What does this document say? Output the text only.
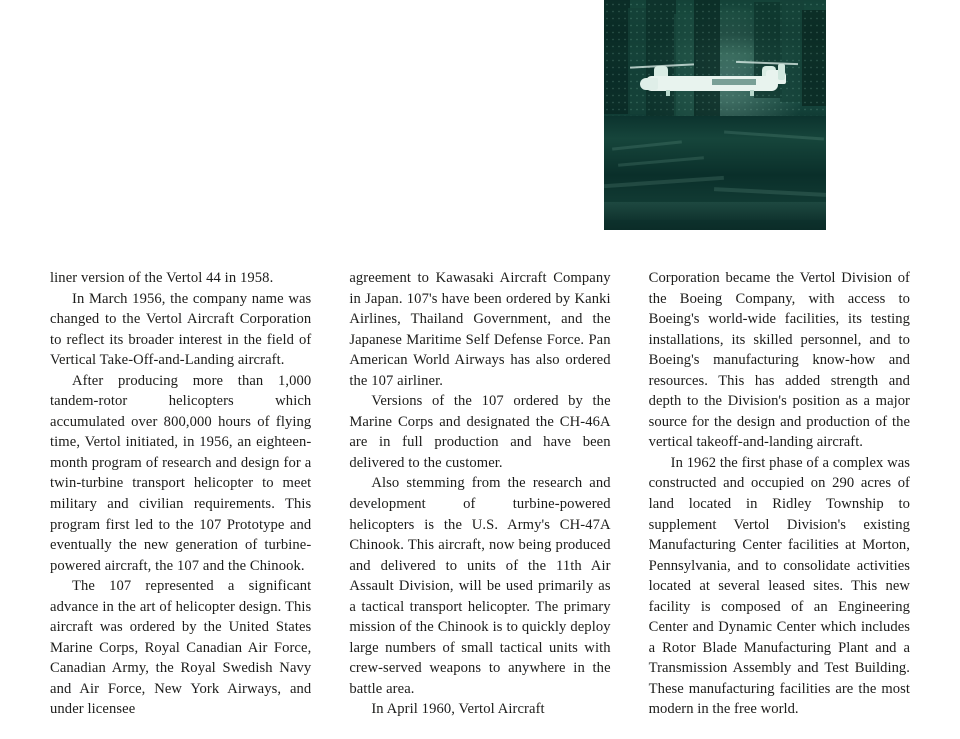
liner version of the Vertol 44 in 1958.

In March 1956, the company name was changed to the Vertol Aircraft Corporation to reflect its broader interest in the field of Vertical Take-Off-and-Landing aircraft.

After producing more than 1,000 tandem-rotor helicopters which accumulated over 800,000 hours of flying time, Vertol initiated, in 1956, an eighteen-month program of research and design for a twin-turbine transport helicopter to meet military and civilian requirements. This program first led to the 107 Prototype and eventually the new generation of turbine-powered aircraft, the 107 and the Chinook.

The 107 represented a significant advance in the art of helicopter design. This aircraft was ordered by the United States Marine Corps, Royal Canadian Air Force, Canadian Army, the Royal Swedish Navy and Air Force, New York Airways, and under licensee

agreement to Kawasaki Aircraft Company in Japan. 107's have been ordered by Kanki Airlines, Thailand Government, and the Japanese Maritime Self Defense Force. Pan American World Airways has also ordered the 107 airliner.

Versions of the 107 ordered by the Marine Corps and designated the CH-46A are in full production and have been delivered to the customer.

Also stemming from the research and development of turbine-powered helicopters is the U.S. Army's CH-47A Chinook. This aircraft, now being produced and delivered to units of the 11th Air Assault Division, will be used primarily as a tactical transport helicopter. The primary mission of the Chinook is to quickly deploy large numbers of small tactical units with crew-served weapons to anywhere in the battle area.

In April 1960, Vertol Aircraft

Corporation became the Vertol Division of the Boeing Company, with access to Boeing's world-wide facilities, its testing installations, its skilled personnel, and to Boeing's manufacturing know-how and resources. This has added strength and depth to the Division's position as a major source for the design and production of the vertical takeoff-and-landing aircraft.

In 1962 the first phase of a complex was constructed and occupied on 290 acres of land located in Ridley Township to supplement Vertol Division's existing Manufacturing Center facilities at Morton, Pennsylvania, and to consolidate activities located at several leased sites. This new facility is composed of an Engineering Center and Dynamic Center which includes a Rotor Blade Manufacturing Plant and a Transmission Assembly and Test Building. These manufacturing facilities are the most modern in the free world.
